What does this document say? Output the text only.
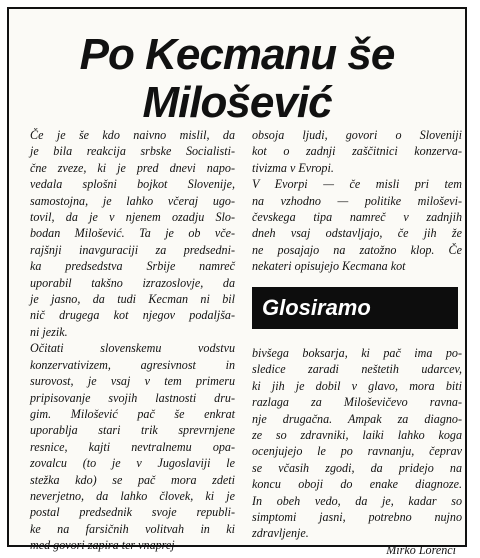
Po Kecmanu še
Milošević
Če je še kdo naivno mislil, da
je bila reakcija srbske Socialisti-
čne zveze, ki je pred dnevi napo-
vedala splošni bojkot Slovenije,
samostojna, je lahko včeraj ugo-
tovil, da je v njenem ozadju Slo-
bodan Milošević. Ta je ob vče-
rajšnji inavguraciji za predsedni-
ka predsedstva Srbije namreč
uporabil takšno izrazoslovje, da
je jasno, da tudi Kecman ni bil
nič drugega kot njegov podaljša-
ni jezik.
Očitati slovenskemu vodstvu
konzervativizem, agresivnost in
surovost, je vsaj v tem primeru
pripisovanje svojih lastnosti dru-
gim. Milošević pač še enkrat
uporablja stari trik sprevrnjene
resnice, kajti nevtralnemu opa-
zovalcu (to je v Jugoslaviji le
stežka kdo) se pač mora zdeti
neverjetno, da lahko človek, ki je
postal predsednik svoje republi-
ke na farsičnih volitvah in ki
med govori zapira ter vnaprej
obsoja ljudi, govori o Sloveniji
kot o zadnji zaščitnici konzerva-
tivizma v Evropi.
V Evorpi — če misli pri tem
na vzhodno — politike miloševi-
čevskega tipa namreč v zadnjih
dneh vsaj odstavljajo, če jih že
ne posajajo na zatožno klop. Če
nekateri opisujejo Kecmana kot
Glosiramo
bivšega boksarja, ki pač ima po-
sledice zaradi neštetih udarcev,
ki jih je dobil v glavo, mora biti
razlaga za Miloševičevo ravna-
nje drugačna. Ampak za diagno-
ze so zdravniki, laiki lahko koga
ocenjujejo le po ravnanju, čeprav
se včasih zgodi, da pridejo na
koncu oboji do enake diagnoze.
In obeh vedo, da je, kadar so
simptomi jasni, potrebno nujno
zdravljenje.
Mirko Lorenci
